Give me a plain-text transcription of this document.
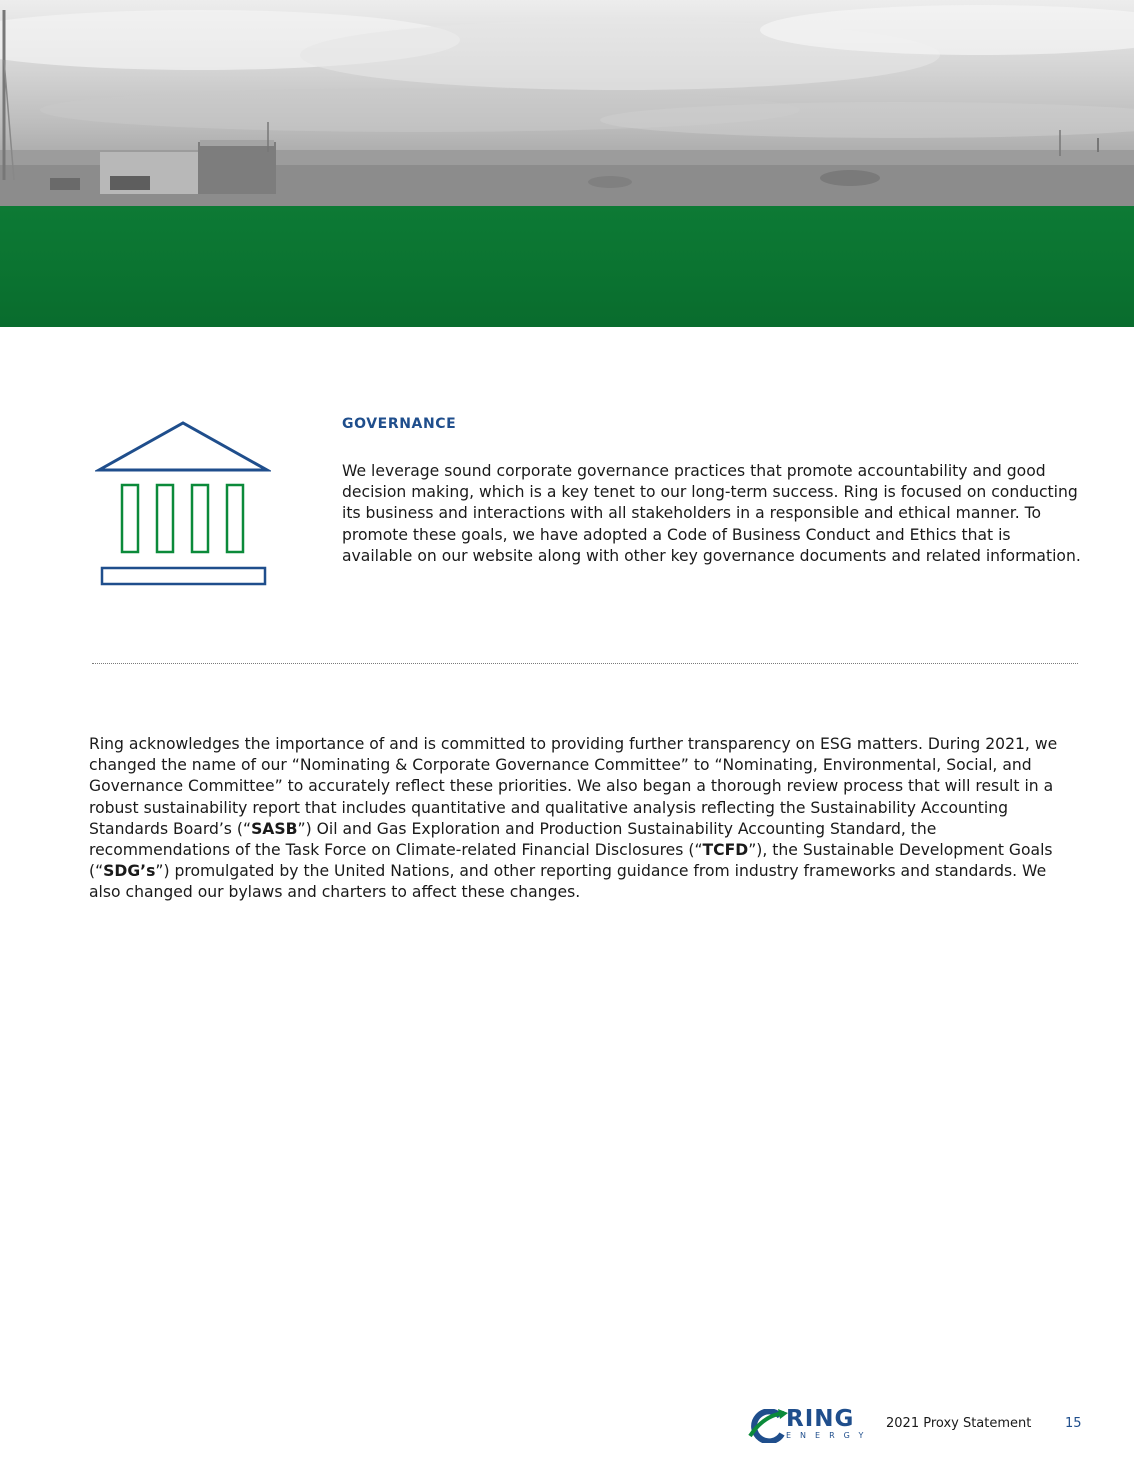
GOVERNANCE
We leverage sound corporate governance practices that promote accountability and good decision making, which is a key tenet to our long-term success. Ring is focused on conducting its business and interactions with all stakeholders in a responsible and ethical manner. To promote these goals, we have adopted a Code of Business Conduct and Ethics that is available on our website along with other key governance documents and related information.
Ring acknowledges the importance of and is committed to providing further transparency on ESG matters. During 2021, we changed the name of our “Nominating & Corporate Governance Committee” to “Nominating, Environmental, Social, and Governance Committee” to accurately reflect these priorities. We also began a thorough review process that will result in a robust sustainability report that includes quantitative and qualitative analysis reflecting the Sustainability Accounting Standards Board’s (“SASB”) Oil and Gas Exploration and Production Sustainability Accounting Standard, the recommendations of the Task Force on Climate-related Financial Disclosures (“TCFD”), the Sustainable Development Goals (“SDG’s”) promulgated by the United Nations, and other reporting guidance from industry frameworks and standards. We also changed our bylaws and charters to affect these changes.
RING
ENERGY
2021 Proxy Statement	15
